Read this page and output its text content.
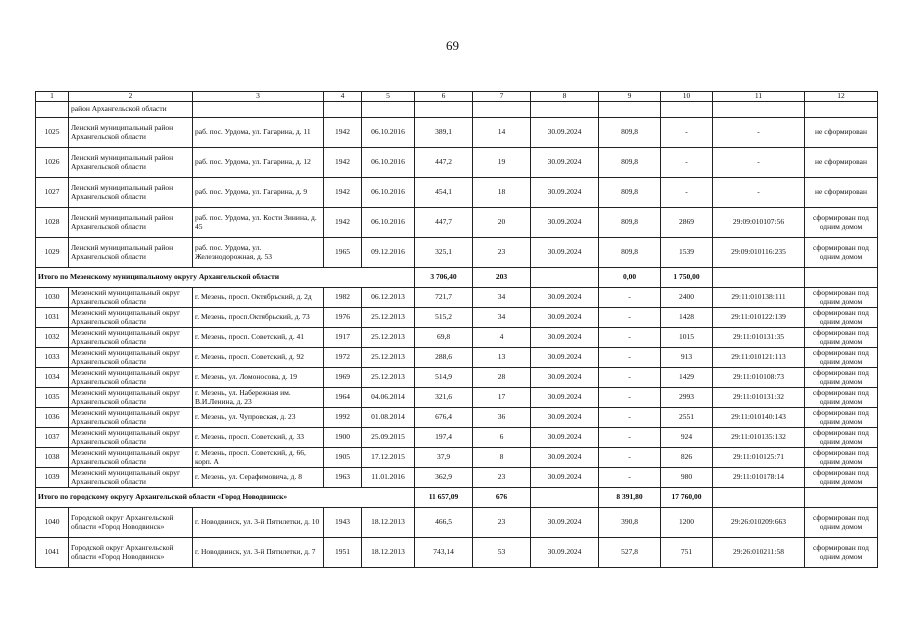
69
1	2	3	4	5	6	7	8	9	10	11	12
	район Архангельской области										
1025	Ленский муниципальный район Архангельской области	раб. пос. Урдома, ул. Гагарина, д. 11	1942	06.10.2016	389,1	14	30.09.2024	809,8	-	-	не сформирован
1026	Ленский муниципальный район Архангельской области	раб. пос. Урдома, ул. Гагарина, д. 12	1942	06.10.2016	447,2	19	30.09.2024	809,8	-	-	не сформирован
1027	Ленский муниципальный район Архангельской области	раб. пос. Урдома, ул. Гагарина, д. 9	1942	06.10.2016	454,1	18	30.09.2024	809,8	-	-	не сформирован
1028	Ленский муниципальный район Архангельской области	раб. пос. Урдома, ул. Кости Зинина, д. 45	1942	06.10.2016	447,7	20	30.09.2024	809,8	2869	29:09:010107:56	сформирован под одним домом
1029	Ленский муниципальный район Архангельской области	раб. пос. Урдома, ул. Железнодорожная, д. 53	1965	09.12.2016	325,1	23	30.09.2024	809,8	1539	29:09:010116:235	сформирован под одним домом
Итого по Мезенскому муниципальному округу Архангельской области					3 706,40	203		0,00	1 750,00		
1030	Мезенский муниципальный округ Архангельской области	г. Мезень, просп. Октябрьский, д. 2д	1982	06.12.2013	721,7	34	30.09.2024	-	2400	29:11:010138:111	сформирован под одним домом
1031	Мезенский муниципальный округ Архангельской области	г. Мезень, просп.Октябрьский, д. 73	1976	25.12.2013	515,2	34	30.09.2024	-	1428	29:11:010122:139	сформирован под одним домом
1032	Мезенский муниципальный округ Архангельской области	г. Мезень, просп. Советский, д. 41	1917	25.12.2013	69,8	4	30.09.2024	-	1015	29:11:010131:35	сформирован под одним домом
1033	Мезенский муниципальный округ Архангельской области	г. Мезень, просп. Советский, д. 92	1972	25.12.2013	288,6	13	30.09.2024	-	913	29:11:010121:113	сформирован под одним домом
1034	Мезенский муниципальный округ Архангельской области	г. Мезень, ул. Ломоносова, д. 19	1969	25.12.2013	514,9	28	30.09.2024	-	1429	29:11:010108:73	сформирован под одним домом
1035	Мезенский муниципальный округ Архангельской области	г. Мезень, ул. Набережная им. В.И.Ленина, д. 23	1964	04.06.2014	321,6	17	30.09.2024	-	2993	29:11:010131:32	сформирован под одним домом
1036	Мезенский муниципальный округ Архангельской области	г. Мезень, ул. Чупровская, д. 23	1992	01.08.2014	676,4	36	30.09.2024	-	2551	29:11:010140:143	сформирован под одним домом
1037	Мезенский муниципальный округ Архангельской области	г. Мезень, просп. Советский, д. 33	1900	25.09.2015	197,4	6	30.09.2024	-	924	29:11:010135:132	сформирован под одним домом
1038	Мезенский муниципальный округ Архангельской области	г. Мезень, просп. Советский, д. 66, корп. А	1905	17.12.2015	37,9	8	30.09.2024	-	826	29:11:010125:71	сформирован под одним домом
1039	Мезенский муниципальный округ Архангельской области	г. Мезень, ул. Серафимовича, д. 8	1963	11.01.2016	362,9	23	30.09.2024	-	980	29:11:010178:14	сформирован под одним домом
Итого по городскому округу Архангельской области «Город Новодвинск»					11 657,09	676		8 391,80	17 760,00		
1040	Городской округ Архангельской области «Город Новодвинск»	г. Новодвинск, ул. 3-й Пятилетки, д. 10	1943	18.12.2013	466,5	23	30.09.2024	390,8	1200	29:26:010209:663	сформирован под одним домом
1041	Городской округ Архангельской области «Город Новодвинск»	г. Новодвинск, ул. 3-й Пятилетки, д. 7	1951	18.12.2013	743,14	53	30.09.2024	527,8	751	29:26:010211:58	сформирован под одним домом
